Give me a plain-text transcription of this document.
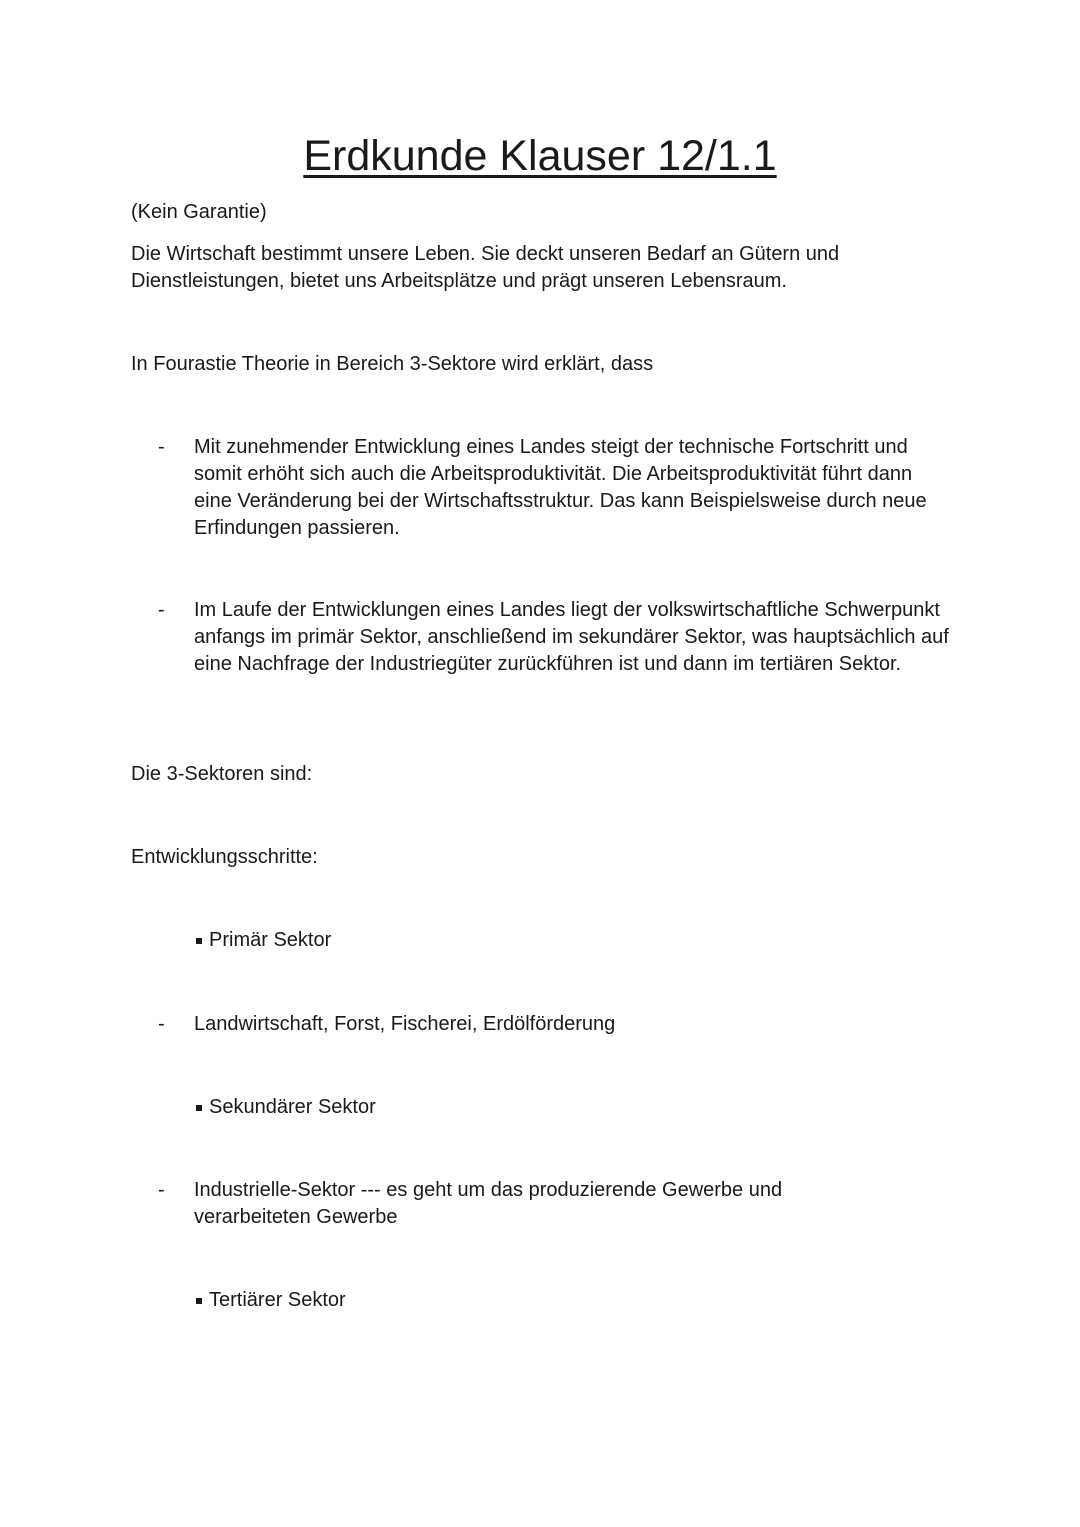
Erdkunde Klauser 12/1.1

(Kein Garantie)

Die Wirtschaft bestimmt unsere Leben. Sie deckt unseren Bedarf an Gütern und Dienstleistungen, bietet uns Arbeitsplätze und prägt unseren Lebensraum.

In Fourastie Theorie in Bereich 3-Sektore wird erklärt, dass

- Mit zunehmender Entwicklung eines Landes steigt der technische Fortschritt und somit erhöht sich auch die Arbeitsproduktivität. Die Arbeitsproduktivität führt dann eine Veränderung bei der Wirtschaftsstruktur. Das kann Beispielsweise durch neue Erfindungen passieren.

- Im Laufe der Entwicklungen eines Landes liegt der volkswirtschaftliche Schwerpunkt anfangs im primär Sektor, anschließend im sekundärer Sektor, was hauptsächlich auf eine Nachfrage der Industriegüter zurückführen ist und dann im tertiären Sektor.

Die 3-Sektoren sind:

Entwicklungsschritte:

Primär Sektor
- Landwirtschaft, Forst, Fischerei, Erdölförderung

Sekundärer Sektor
- Industrielle-Sektor --- es geht um das produzierende Gewerbe und verarbeiteten Gewerbe

Tertiärer Sektor
